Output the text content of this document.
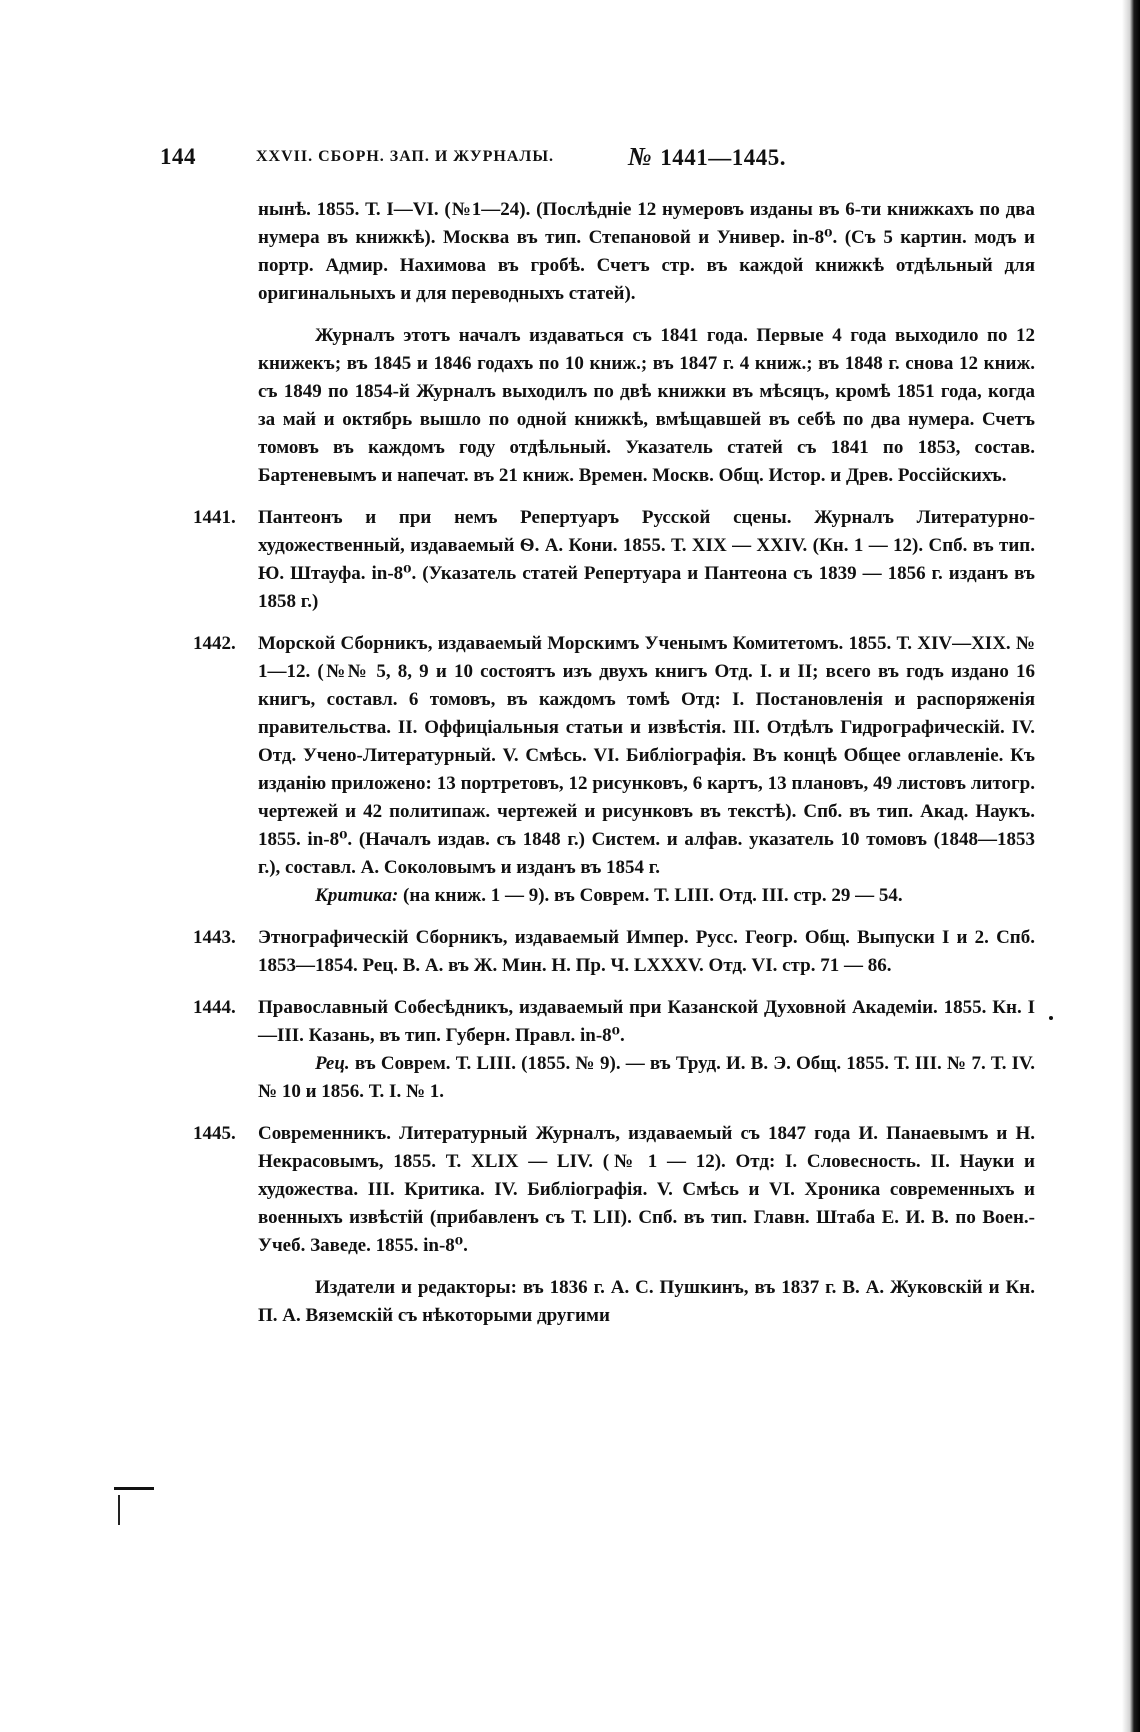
144	XXVII. СБОРН. ЗАП. И ЖУРНАЛЫ.	№ 1441—1445.

нынѣ. 1855. Т. I—VI. (№1—24). (Послѣдніе 12 нумеровъ изданы въ 6-ти книжкахъ по два нумера въ книжкѣ). Москва въ тип. Степановой и Универ. in-8⁰. (Съ 5 картин. модъ и портр. Адмир. Нахимова въ гробѣ. Счетъ стр. въ каждой книжкѣ отдѣльный для оригинальныхъ и для переводныхъ статей).

Журналъ этотъ началъ издаваться съ 1841 года. Первые 4 года выходило по 12 книжекъ; въ 1845 и 1846 годахъ по 10 книж.; въ 1847 г. 4 книж.; въ 1848 г. снова 12 книж. съ 1849 по 1854-й Журналъ выходилъ по двѣ книжки въ мѣсяцъ, кромѣ 1851 года, когда за май и октябрь вышло по одной книжкѣ, вмѣщавшей въ себѣ по два нумера. Счетъ томовъ въ каждомъ году отдѣльный. Указатель статей съ 1841 по 1853, состав. Бартеневымъ и напечат. въ 21 книж. Времен. Москв. Общ. Истор. и Древ. Россійскихъ.

1441. Пантеонъ и при немъ Репертуаръ Русской сцены. Журналъ Литературно-художественный, издаваемый Ѳ. А. Кони. 1855. Т. XIX — XXIV. (Кн. 1 — 12). Спб. въ тип. Ю. Штауфа. in-8⁰. (Указатель статей Репертуара и Пантеона съ 1839 — 1856 г. изданъ въ 1858 г.)

1442. Морской Сборникъ, издаваемый Морскимъ Ученымъ Комитетомъ. 1855. Т. XIV—XIX. № 1—12. (№№ 5, 8, 9 и 10 состоятъ изъ двухъ книгъ Отд. I. и II; всего въ годъ издано 16 книгъ, составл. 6 томовъ, въ каждомъ томѣ Отд: I. Постановленія и распоряженія правительства. II. Оффиціальныя статьи и извѣстія. III. Отдѣлъ Гидрографическій. IV. Отд. Учено-Литературный. V. Смѣсь. VI. Библіографія. Въ концѣ Общее оглавленіе. Къ изданію приложено: 13 портретовъ, 12 рисунковъ, 6 картъ, 13 плановъ, 49 листовъ литогр. чертежей и 42 политипаж. чертежей и рисунковъ въ текстѣ). Спб. въ тип. Акад. Наукъ. 1855. in-8⁰. (Началъ издав. съ 1848 г.) Систем. и алфав. указатель 10 томовъ (1848—1853 г.), составл. А. Соколовымъ и изданъ въ 1854 г.

Критика: (на книж. 1 — 9). въ Соврем. Т. LIII. Отд. III. стр. 29 — 54.

1443. Этнографическій Сборникъ, издаваемый Импер. Русс. Геогр. Общ. Выпуски I и 2. Спб. 1853—1854. Рец. В. А. въ Ж. Мин. Н. Пр. Ч. LXXXV. Отд. VI. стр. 71 — 86.

1444. Православный Собесѣдникъ, издаваемый при Казанской Духовной Академіи. 1855. Кн. I—III. Казань, въ тип. Губерн. Правл. in-8⁰.

Рец. въ Соврем. Т. LIII. (1855. № 9). — въ Труд. И. В. Э. Общ. 1855. Т. III. № 7. Т. IV. № 10 и 1856. Т. I. № 1.

1445. Современникъ. Литературный Журналъ, издаваемый съ 1847 года И. Панаевымъ и Н. Некрасовымъ, 1855. Т. XLIX — LIV. (№ 1 — 12). Отд: I. Словесность. II. Науки и художества. III. Критика. IV. Библіографія. V. Смѣсь и VI. Хроника современныхъ и военныхъ извѣстій (прибавленъ съ Т. LII). Спб. въ тип. Главн. Штаба Е. И. В. по Воен.-Учеб. Заведе. 1855. in-8⁰.

Издатели и редакторы: въ 1836 г. А. С. Пушкинъ, въ 1837 г. В. А. Жуковскій и Кн. П. А. Вяземскій съ нѣкоторыми другими
